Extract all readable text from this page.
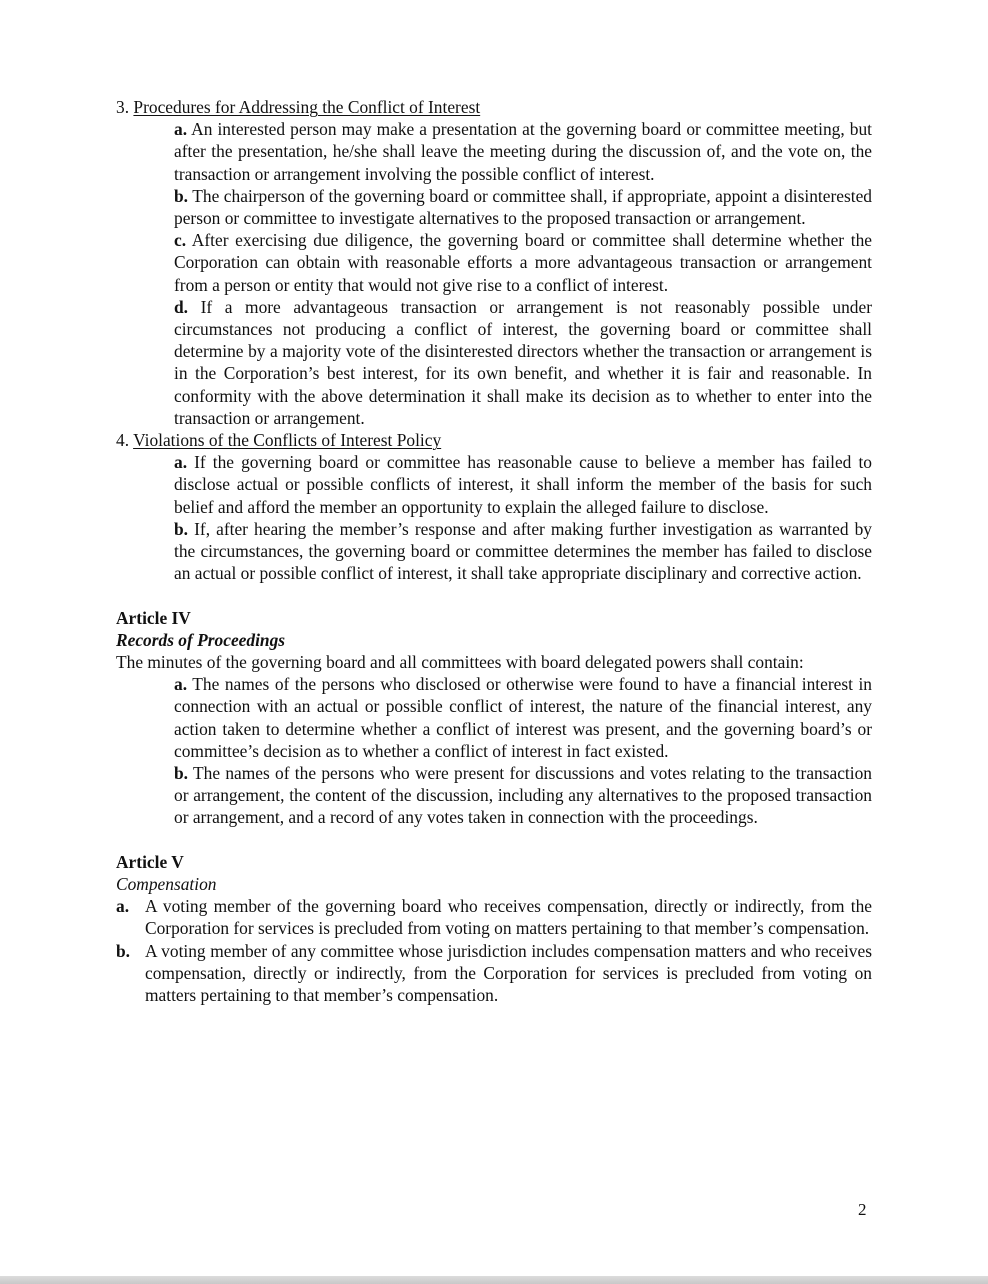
3. Procedures for Addressing the Conflict of Interest

a. An interested person may make a presentation at the governing board or committee meeting, but after the presentation, he/she shall leave the meeting during the discussion of, and the vote on, the transaction or arrangement involving the possible conflict of interest.

b. The chairperson of the governing board or committee shall, if appropriate, appoint a disinterested person or committee to investigate alternatives to the proposed transaction or arrangement.

c. After exercising due diligence, the governing board or committee shall determine whether the Corporation can obtain with reasonable efforts a more advantageous transaction or arrangement from a person or entity that would not give rise to a conflict of interest.

d. If a more advantageous transaction or arrangement is not reasonably possible under circumstances not producing a conflict of interest, the governing board or committee shall determine by a majority vote of the disinterested directors whether the transaction or arrangement is in the Corporation’s best interest, for its own benefit, and whether it is fair and reasonable. In conformity with the above determination it shall make its decision as to whether to enter into the transaction or arrangement.

4. Violations of the Conflicts of Interest Policy

a. If the governing board or committee has reasonable cause to believe a member has failed to disclose actual or possible conflicts of interest, it shall inform the member of the basis for such belief and afford the member an opportunity to explain the alleged failure to disclose.

b. If, after hearing the member’s response and after making further investigation as warranted by the circumstances, the governing board or committee determines the member has failed to disclose an actual or possible conflict of interest, it shall take appropriate disciplinary and corrective action.

Article IV

Records of Proceedings

The minutes of the governing board and all committees with board delegated powers shall contain:

a. The names of the persons who disclosed or otherwise were found to have a financial interest in connection with an actual or possible conflict of interest, the nature of the financial interest, any action taken to determine whether a conflict of interest was present, and the governing board’s or committee’s decision as to whether a conflict of interest in fact existed.

b. The names of the persons who were present for discussions and votes relating to the transaction or arrangement, the content of the discussion, including any alternatives to the proposed transaction or arrangement, and a record of any votes taken in connection with the proceedings.

Article V

Compensation

a. A voting member of the governing board who receives compensation, directly or indirectly, from the Corporation for services is precluded from voting on matters pertaining to that member’s compensation.

b. A voting member of any committee whose jurisdiction includes compensation matters and who receives compensation, directly or indirectly, from the Corporation for services is precluded from voting on matters pertaining to that member’s compensation.

2
